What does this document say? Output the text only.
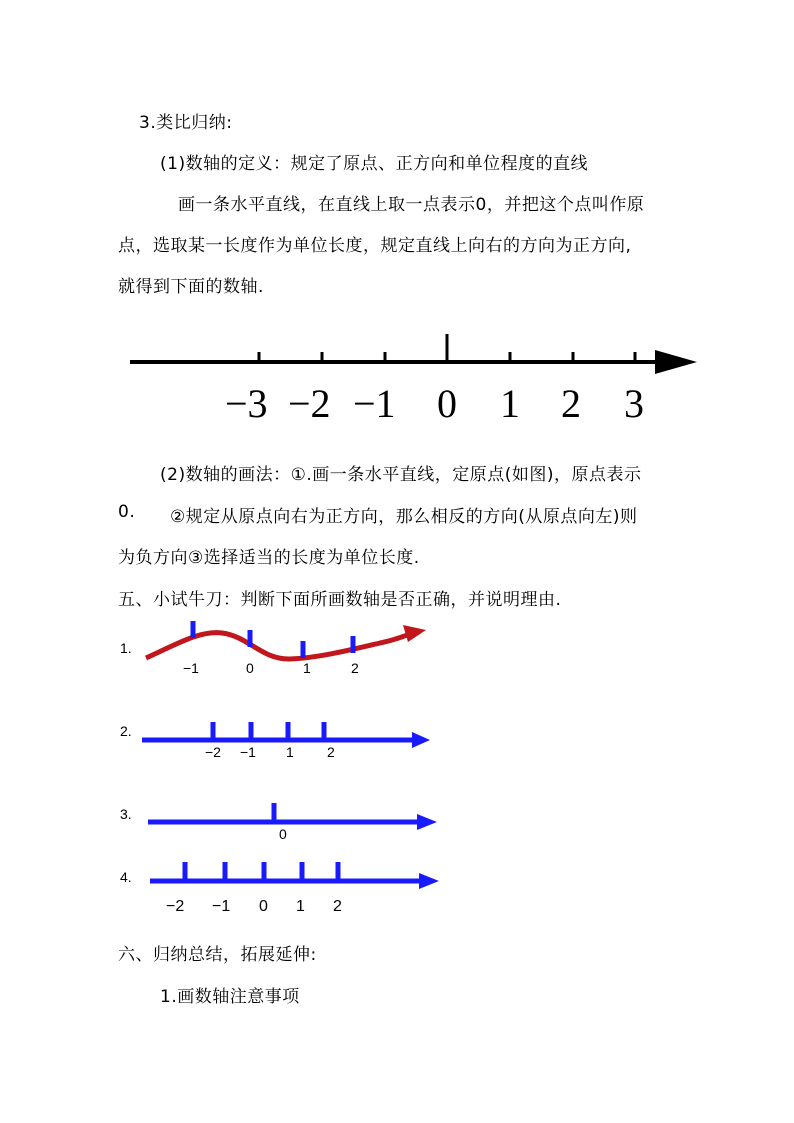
3.类比归纳:
(1)数轴的定义：规定了原点、正方向和单位程度的直线
画一条水平直线，在直线上取一点表示0，并把这个点叫作原
点，选取某一长度作为单位长度，规定直线上向右的方向为正方向,
就得到下面的数轴.
−3 −2 −1 0 1 2 3
(2)数轴的画法：①.画一条水平直线，定原点(如图)，原点表示
0. ②规定从原点向右为正方向，那么相反的方向(从原点向左)则
为负方向③选择适当的长度为单位长度.
五、小试牛刀：判断下面所画数轴是否正确，并说明理由.
1.
−1	0	1	2
2.
−2 −1 1 2
3.
0
4.
−2 −1 0 1 2
六、归纳总结，拓展延伸:
1.画数轴注意事项
